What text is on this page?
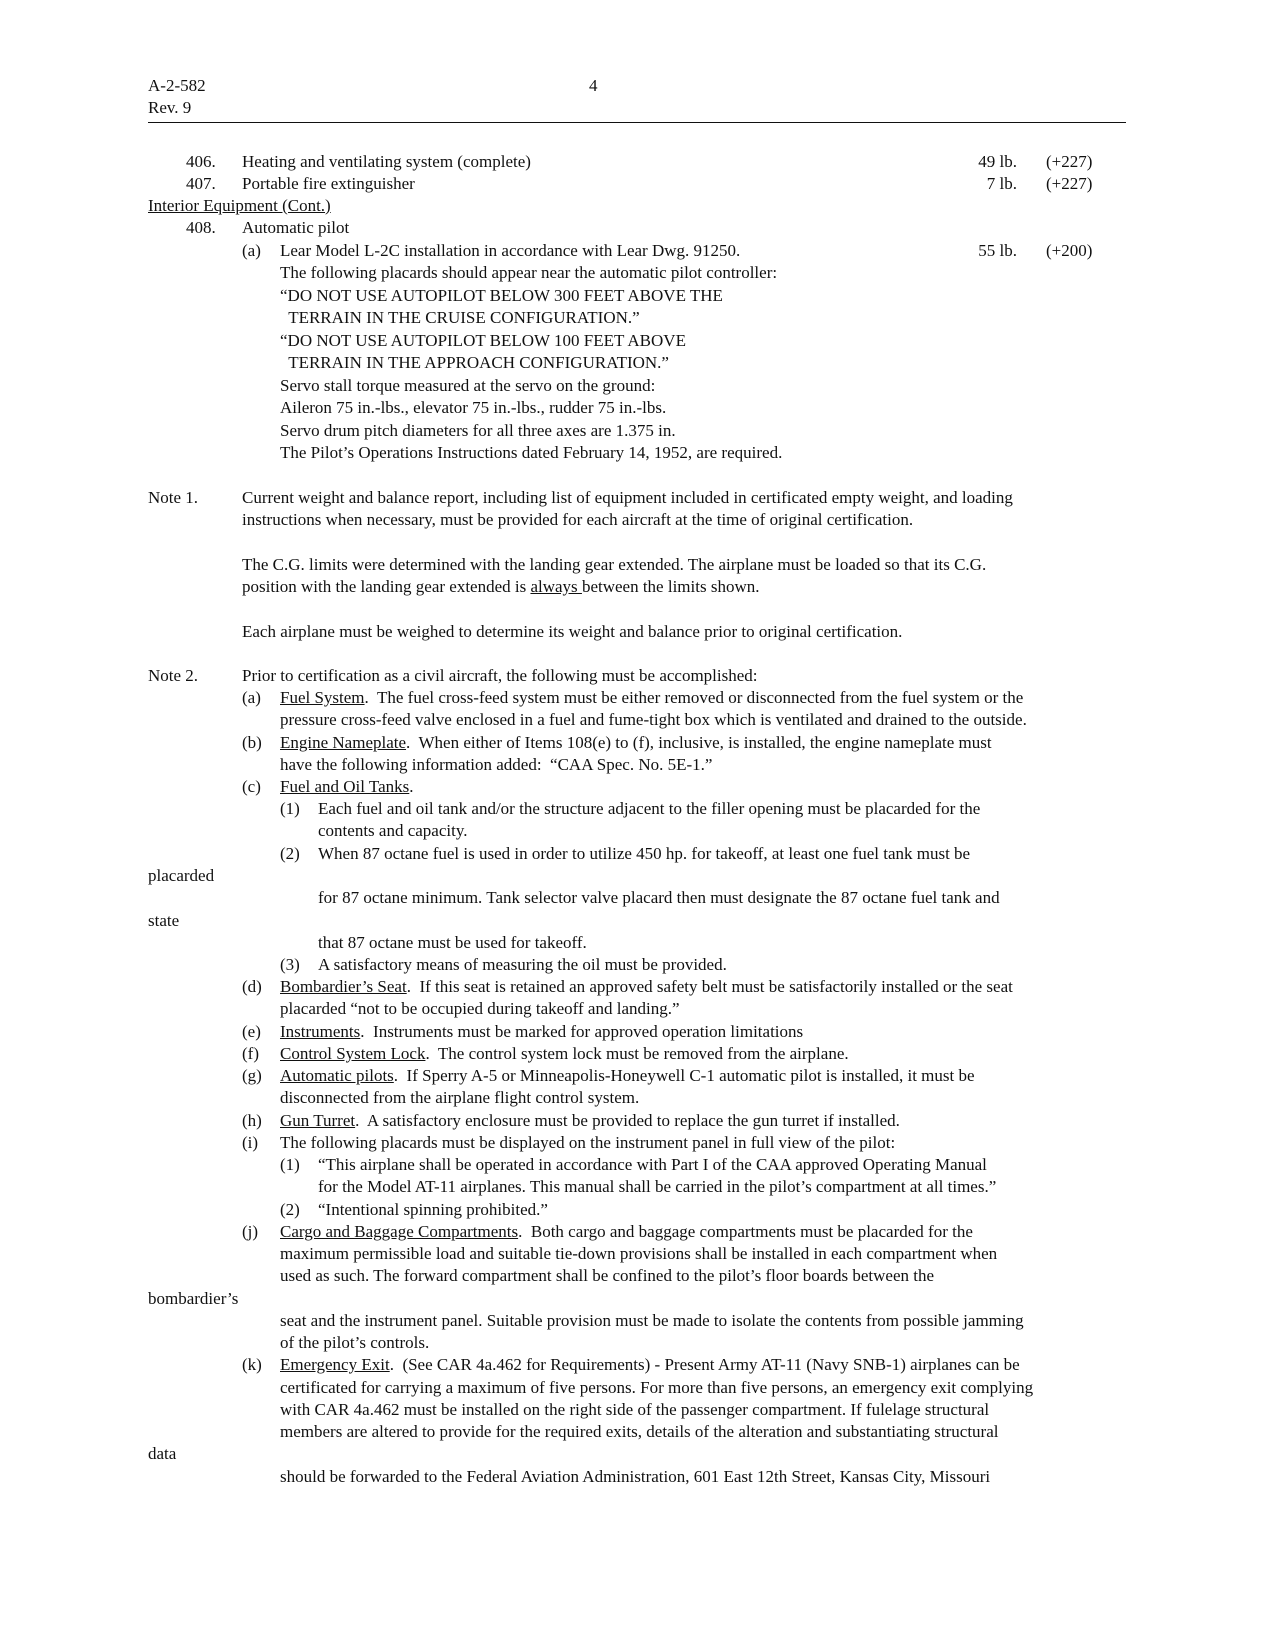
A-2-582
Rev. 9
4
406. Heating and ventilating system (complete)	49 lb. (+227)
407. Portable fire extinguisher	7 lb. (+227)
Interior Equipment (Cont.)
408. Automatic pilot
(a) Lear Model L-2C installation in accordance with Lear Dwg. 91250.	55 lb. (+200)
The following placards should appear near the automatic pilot controller:
“DO NOT USE AUTOPILOT BELOW 300 FEET ABOVE THE
TERRAIN IN THE CRUISE CONFIGURATION.”
“DO NOT USE AUTOPILOT BELOW 100 FEET ABOVE
TERRAIN IN THE APPROACH CONFIGURATION.”
Servo stall torque measured at the servo on the ground:
Aileron 75 in.-lbs., elevator 75 in.-lbs., rudder 75 in.-lbs.
Servo drum pitch diameters for all three axes are 1.375 in.
The Pilot’s Operations Instructions dated February 14, 1952, are required.
Note 1.	Current weight and balance report, including list of equipment included in certificated empty weight, and loading
instructions when necessary, must be provided for each aircraft at the time of original certification.
The C.G. limits were determined with the landing gear extended. The airplane must be loaded so that its C.G.
position with the landing gear extended is always between the limits shown.
Each airplane must be weighed to determine its weight and balance prior to original certification.
Note 2.	Prior to certification as a civil aircraft, the following must be accomplished:
(a) Fuel System.  The fuel cross-feed system must be either removed or disconnected from the fuel system or the
pressure cross-feed valve enclosed in a fuel and fume-tight box which is ventilated and drained to the outside.
(b) Engine Nameplate.  When either of Items 108(e) to (f), inclusive, is installed, the engine nameplate must
have the following information added:  “CAA Spec. No. 5E-1.”
(c) Fuel and Oil Tanks.
(1) Each fuel and oil tank and/or the structure adjacent to the filler opening must be placarded for the
contents and capacity.
(2) When 87 octane fuel is used in order to utilize 450 hp. for takeoff, at least one fuel tank must be
placarded
for 87 octane minimum. Tank selector valve placard then must designate the 87 octane fuel tank and
state
that 87 octane must be used for takeoff.
(3) A satisfactory means of measuring the oil must be provided.
(d) Bombardier’s Seat.  If this seat is retained an approved safety belt must be satisfactorily installed or the seat
placarded “not to be occupied during takeoff and landing.”
(e) Instruments.  Instruments must be marked for approved operation limitations
(f) Control System Lock.  The control system lock must be removed from the airplane.
(g) Automatic pilots.  If Sperry A-5 or Minneapolis-Honeywell C-1 automatic pilot is installed, it must be
disconnected from the airplane flight control system.
(h) Gun Turret.  A satisfactory enclosure must be provided to replace the gun turret if installed.
(i) The following placards must be displayed on the instrument panel in full view of the pilot:
(1) “This airplane shall be operated in accordance with Part I of the CAA approved Operating Manual
for the Model AT-11 airplanes. This manual shall be carried in the pilot’s compartment at all times.”
(2) “Intentional spinning prohibited.”
(j) Cargo and Baggage Compartments.  Both cargo and baggage compartments must be placarded for the
maximum permissible load and suitable tie-down provisions shall be installed in each compartment when
used as such. The forward compartment shall be confined to the pilot’s floor boards between the
bombardier’s
seat and the instrument panel. Suitable provision must be made to isolate the contents from possible jamming
of the pilot’s controls.
(k) Emergency Exit.  (See CAR 4a.462 for Requirements) - Present Army AT-11 (Navy SNB-1) airplanes can be
certificated for carrying a maximum of five persons. For more than five persons, an emergency exit complying
with CAR 4a.462 must be installed on the right side of the passenger compartment. If fulelage structural
members are altered to provide for the required exits, details of the alteration and substantiating structural
data
should be forwarded to the Federal Aviation Administration, 601 East 12th Street, Kansas City, Missouri
